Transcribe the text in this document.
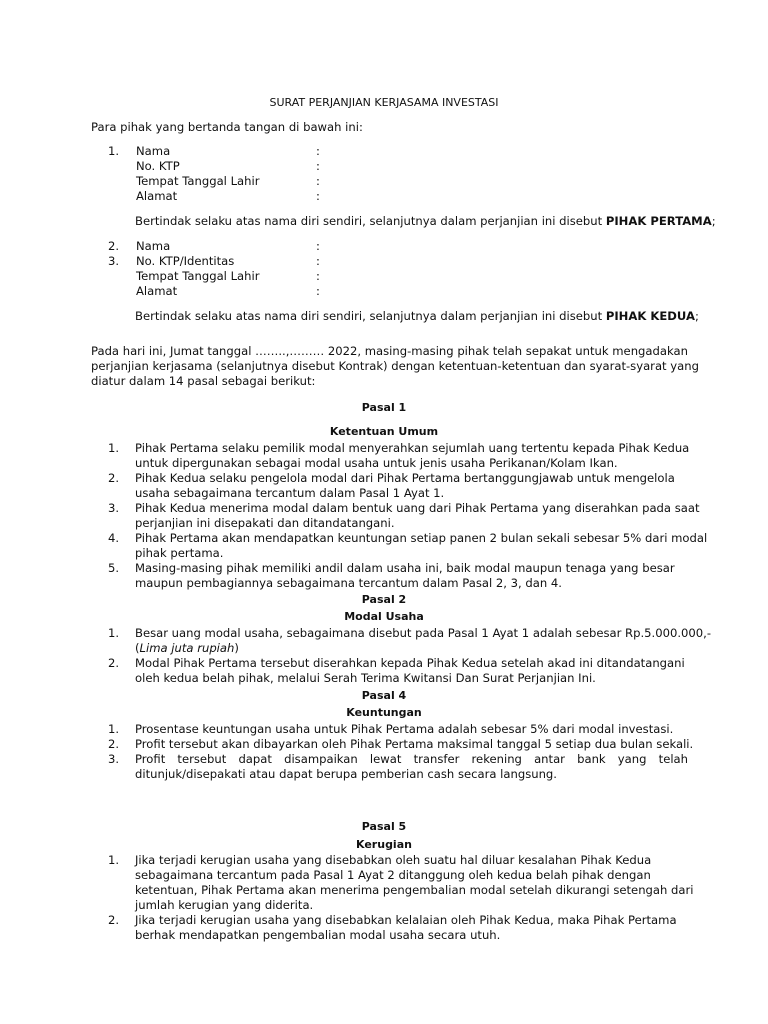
SURAT PERJANJIAN KERJASAMA INVESTASI
Para pihak yang bertanda tangan di bawah ini:
1.	Nama	:
No. KTP	:
Tempat Tanggal Lahir	:
Alamat	:
Bertindak selaku atas nama diri sendiri, selanjutnya dalam perjanjian ini disebut PIHAK PERTAMA;
2.	Nama	:
3.	No. KTP/Identitas	:
Tempat Tanggal Lahir	:
Alamat	:
Bertindak selaku atas nama diri sendiri, selanjutnya dalam perjanjian ini disebut PIHAK KEDUA;
Pada hari ini, Jumat tanggal ……..,……… 2022, masing-masing pihak telah sepakat untuk mengadakan
perjanjian kerjasama (selanjutnya disebut Kontrak) dengan ketentuan-ketentuan dan syarat-syarat yang
diatur dalam 14 pasal sebagai berikut:
Pasal 1
Ketentuan Umum
1.	Pihak Pertama selaku pemilik modal menyerahkan sejumlah uang tertentu kepada Pihak Kedua
untuk dipergunakan sebagai modal usaha untuk jenis usaha Perikanan/Kolam Ikan.
2.	Pihak Kedua selaku pengelola modal dari Pihak Pertama bertanggungjawab untuk mengelola
usaha sebagaimana tercantum dalam Pasal 1 Ayat 1.
3.	Pihak Kedua menerima modal dalam bentuk uang dari Pihak Pertama yang diserahkan pada saat
perjanjian ini disepakati dan ditandatangani.
4.	Pihak Pertama akan mendapatkan keuntungan setiap panen 2 bulan sekali sebesar 5% dari modal
pihak pertama.
5.	Masing-masing pihak memiliki andil dalam usaha ini, baik modal maupun tenaga yang besar
maupun pembagiannya sebagaimana tercantum dalam Pasal 2, 3, dan 4.
Pasal 2
Modal Usaha
1.	Besar uang modal usaha, sebagaimana disebut pada Pasal 1 Ayat 1 adalah sebesar Rp.5.000.000,-
(Lima juta rupiah)
2.	Modal Pihak Pertama tersebut diserahkan kepada Pihak Kedua setelah akad ini ditandatangani
oleh kedua belah pihak, melalui Serah Terima Kwitansi Dan Surat Perjanjian Ini.
Pasal 4
Keuntungan
1.	Prosentase keuntungan usaha untuk Pihak Pertama adalah sebesar 5% dari modal investasi.
2.	Profit tersebut akan dibayarkan oleh Pihak Pertama maksimal tanggal 5 setiap dua bulan sekali.
3.	Profit tersebut dapat disampaikan lewat transfer rekening antar bank yang telah
ditunjuk/disepakati atau dapat berupa pemberian cash secara langsung.
Pasal 5
Kerugian
1.	Jika terjadi kerugian usaha yang disebabkan oleh suatu hal diluar kesalahan Pihak Kedua
sebagaimana tercantum pada Pasal 1 Ayat 2 ditanggung oleh kedua belah pihak dengan
ketentuan, Pihak Pertama akan menerima pengembalian modal setelah dikurangi setengah dari
jumlah kerugian yang diderita.
2.	Jika terjadi kerugian usaha yang disebabkan kelalaian oleh Pihak Kedua, maka Pihak Pertama
berhak mendapatkan pengembalian modal usaha secara utuh.
